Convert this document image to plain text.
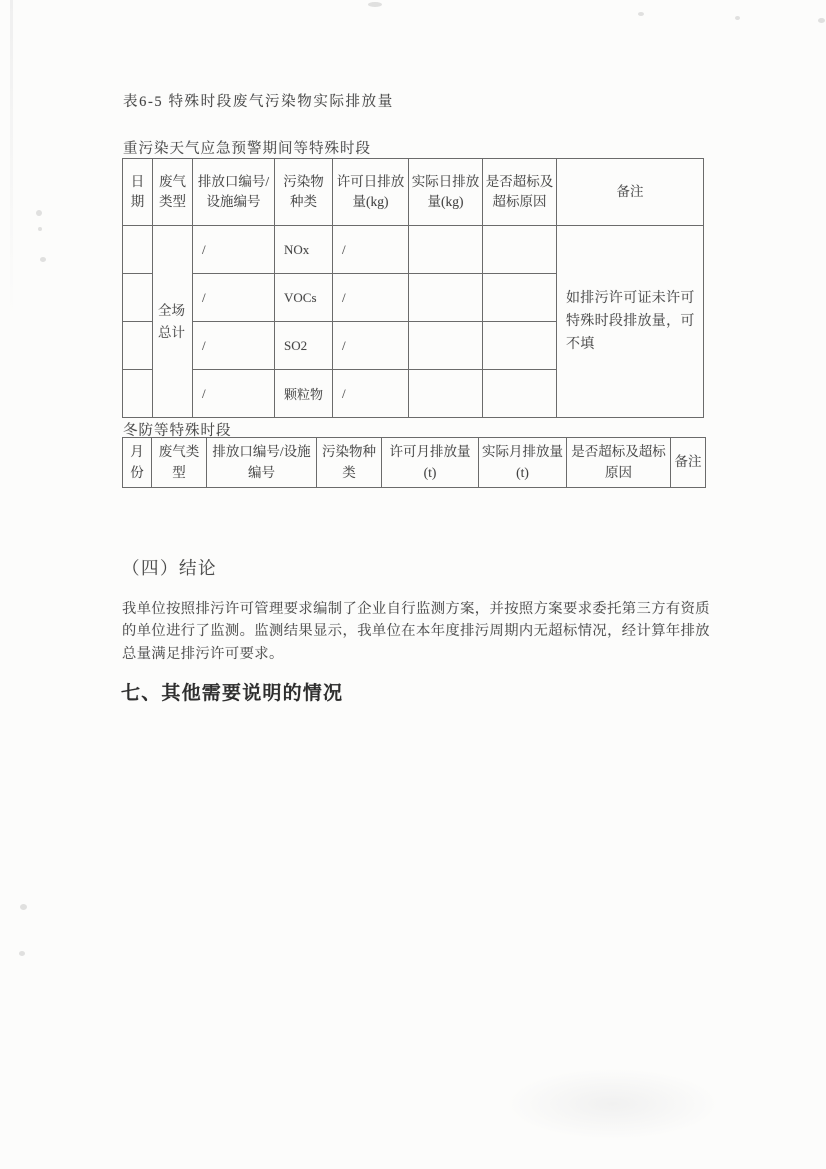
表6-5 特殊时段废气污染物实际排放量
重污染天气应急预警期间等特殊时段
日期	废气类型	排放口编号/设施编号	污染物种类	许可日排放量(kg)	实际日排放量(kg)	是否超标及超标原因	备注
	全场总计	/	NOx	/			如排污许可证未许可特殊时段排放量，可不填
		/	VOCs	/			
		/	SO2	/			
		/	颗粒物	/			
冬防等特殊时段
月份	废气类型	排放口编号/设施编号	污染物种类	许可月排放量(t)	实际月排放量(t)	是否超标及超标原因	备注
（四）结论

我单位按照排污许可管理要求编制了企业自行监测方案，并按照方案要求委托第三方有资质的单位进行了监测。监测结果显示，我单位在本年度排污周期内无超标情况，经计算年排放总量满足排污许可要求。

七、其他需要说明的情况
